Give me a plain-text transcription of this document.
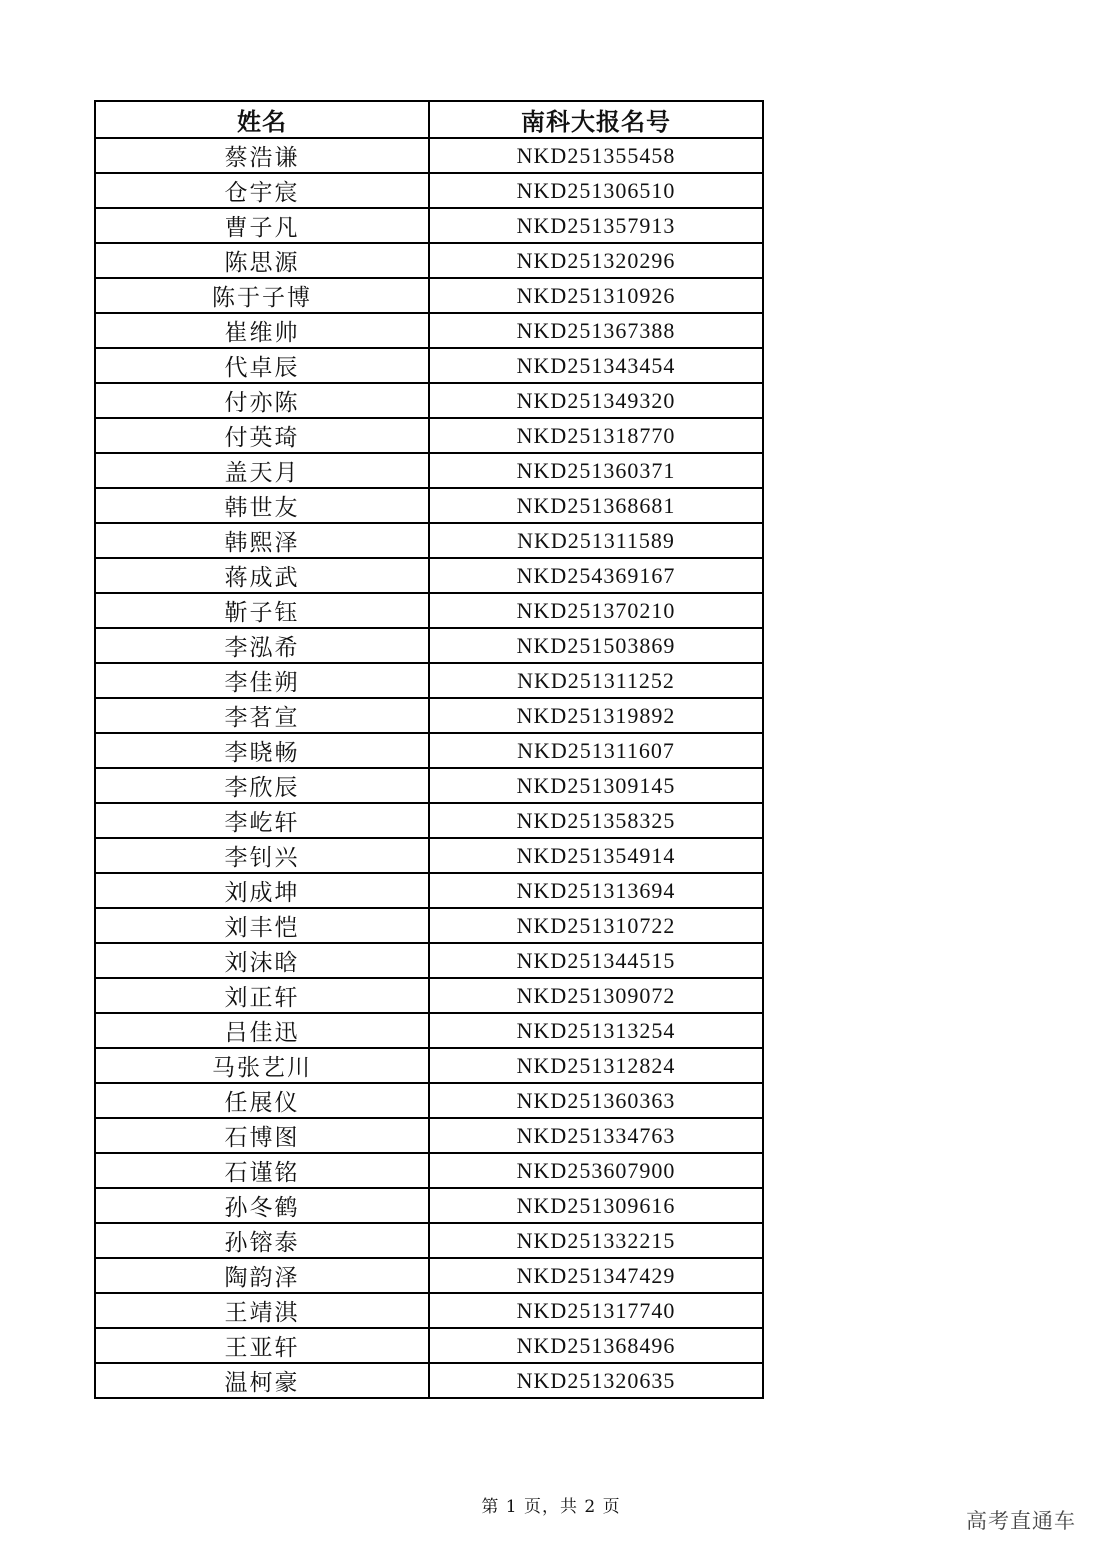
姓名	南科大报名号
蔡浩谦	NKD251355458
仓宇宸	NKD251306510
曹子凡	NKD251357913
陈思源	NKD251320296
陈于子博	NKD251310926
崔维帅	NKD251367388
代卓辰	NKD251343454
付亦陈	NKD251349320
付英琦	NKD251318770
盖天月	NKD251360371
韩世友	NKD251368681
韩熙泽	NKD251311589
蒋成武	NKD254369167
靳子钰	NKD251370210
李泓希	NKD251503869
李佳朔	NKD251311252
李茗宣	NKD251319892
李晓畅	NKD251311607
李欣辰	NKD251309145
李屹轩	NKD251358325
李钊兴	NKD251354914
刘成坤	NKD251313694
刘丰恺	NKD251310722
刘沫晗	NKD251344515
刘正轩	NKD251309072
吕佳迅	NKD251313254
马张艺川	NKD251312824
任展仪	NKD251360363
石博图	NKD251334763
石谨铭	NKD253607900
孙冬鹤	NKD251309616
孙镕泰	NKD251332215
陶韵泽	NKD251347429
王靖淇	NKD251317740
王亚轩	NKD251368496
温柯豪	NKD251320635
第 1 页，共 2 页
高考直通车
